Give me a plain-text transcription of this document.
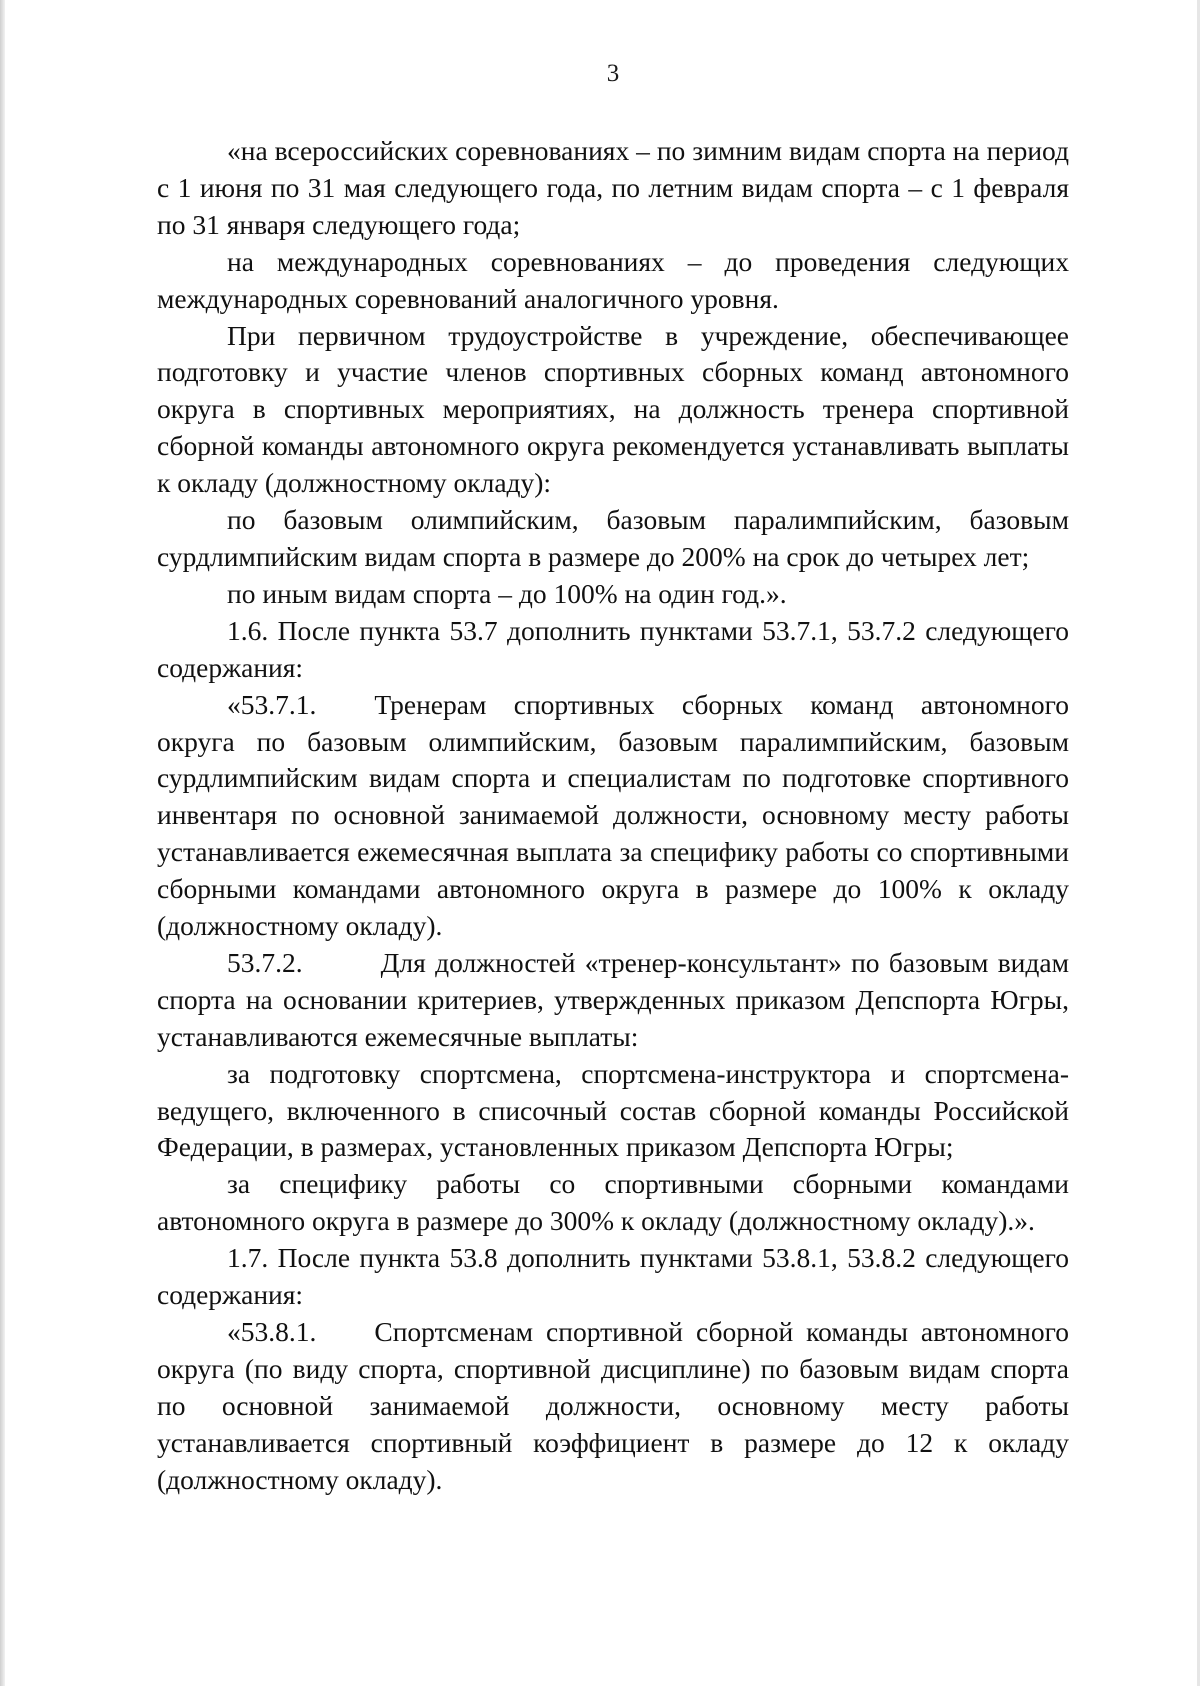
3

«на всероссийских соревнованиях – по зимним видам спорта на период с 1 июня по 31 мая следующего года, по летним видам спорта – с 1 февраля по 31 января следующего года;

на международных соревнованиях – до проведения следующих международных соревнований аналогичного уровня.

При первичном трудоустройстве в учреждение, обеспечивающее подготовку и участие членов спортивных сборных команд автономного округа в спортивных мероприятиях, на должность тренера спортивной сборной команды автономного округа рекомендуется устанавливать выплаты к окладу (должностному окладу):

по базовым олимпийским, базовым паралимпийским, базовым сурдлимпийским видам спорта в размере до 200% на срок до четырех лет;

по иным видам спорта – до 100% на один год.».

1.6. После пункта 53.7 дополнить пунктами 53.7.1, 53.7.2 следующего содержания:

«53.7.1. Тренерам спортивных сборных команд автономного округа по базовым олимпийским, базовым паралимпийским, базовым сурдлимпийским видам спорта и специалистам по подготовке спортивного инвентаря по основной занимаемой должности, основному месту работы устанавливается ежемесячная выплата за специфику работы со спортивными сборными командами автономного округа в размере до 100% к окладу (должностному окладу).

53.7.2.	Для должностей «тренер-консультант» по базовым видам спорта на основании критериев, утвержденных приказом Депспорта Югры, устанавливаются ежемесячные выплаты:

за подготовку спортсмена, спортсмена-инструктора и спортсмена-ведущего, включенного в списочный состав сборной команды Российской Федерации, в размерах, установленных приказом Депспорта Югры;

за специфику работы со спортивными сборными командами автономного округа в размере до 300% к окладу (должностному окладу).».

1.7. После пункта 53.8 дополнить пунктами 53.8.1, 53.8.2 следующего содержания:

«53.8.1. Спортсменам спортивной сборной команды автономного округа (по виду спорта, спортивной дисциплине) по базовым видам спорта по основной занимаемой должности, основному месту работы устанавливается спортивный коэффициент в размере до 12 к окладу (должностному окладу).
